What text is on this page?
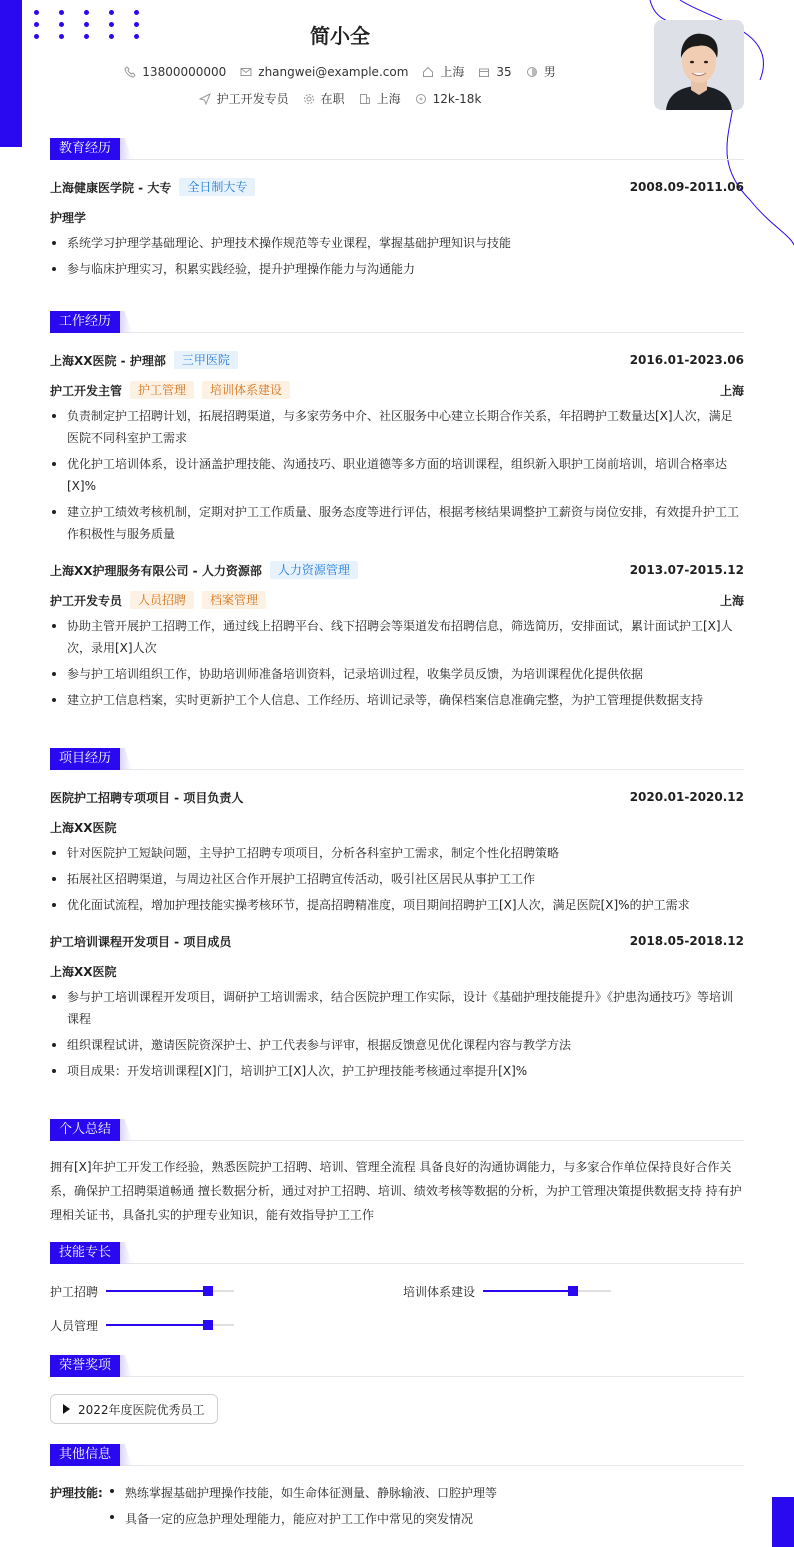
简小全
13800000000	zhangwei@example.com	上海	35	男
护工开发专员	在职	上海	12k-18k
教育经历
上海健康医学院 - 大专	全日制大专	2008.09-2011.06
护理学
系统学习护理学基础理论、护理技术操作规范等专业课程，掌握基础护理知识与技能
参与临床护理实习，积累实践经验，提升护理操作能力与沟通能力
工作经历
上海XX医院 - 护理部	三甲医院	2016.01-2023.06
护工开发主管	护工管理	培训体系建设	上海
负责制定护工招聘计划，拓展招聘渠道，与多家劳务中介、社区服务中心建立长期合作关系，年招聘护工数量达[X]人次，满足医院不同科室护工需求
优化护工培训体系，设计涵盖护理技能、沟通技巧、职业道德等多方面的培训课程，组织新入职护工岗前培训，培训合格率达[X]%
建立护工绩效考核机制，定期对护工工作质量、服务态度等进行评估，根据考核结果调整护工薪资与岗位安排，有效提升护工工作积极性与服务质量
上海XX护理服务有限公司 - 人力资源部	人力资源管理	2013.07-2015.12
护工开发专员	人员招聘	档案管理	上海
协助主管开展护工招聘工作，通过线上招聘平台、线下招聘会等渠道发布招聘信息，筛选简历，安排面试，累计面试护工[X]人次，录用[X]人次
参与护工培训组织工作，协助培训师准备培训资料，记录培训过程，收集学员反馈，为培训课程优化提供依据
建立护工信息档案，实时更新护工个人信息、工作经历、培训记录等，确保档案信息准确完整，为护工管理提供数据支持
项目经历
医院护工招聘专项项目 - 项目负责人	2020.01-2020.12
上海XX医院
针对医院护工短缺问题，主导护工招聘专项项目，分析各科室护工需求，制定个性化招聘策略
拓展社区招聘渠道，与周边社区合作开展护工招聘宣传活动，吸引社区居民从事护工工作
优化面试流程，增加护理技能实操考核环节，提高招聘精准度，项目期间招聘护工[X]人次，满足医院[X]%的护工需求
护工培训课程开发项目 - 项目成员	2018.05-2018.12
上海XX医院
参与护工培训课程开发项目，调研护工培训需求，结合医院护理工作实际，设计《基础护理技能提升》《护患沟通技巧》等培训课程
组织课程试讲，邀请医院资深护士、护工代表参与评审，根据反馈意见优化课程内容与教学方法
项目成果：开发培训课程[X]门，培训护工[X]人次，护工护理技能考核通过率提升[X]%
个人总结
拥有[X]年护工开发工作经验，熟悉医院护工招聘、培训、管理全流程 具备良好的沟通协调能力，与多家合作单位保持良好合作关系，确保护工招聘渠道畅通 擅长数据分析，通过对护工招聘、培训、绩效考核等数据的分析，为护工管理决策提供数据支持 持有护理相关证书，具备扎实的护理专业知识，能有效指导护工工作
技能专长
护工招聘	培训体系建设
人员管理
荣誉奖项
2022年度医院优秀员工
其他信息
护理技能:	熟练掌握基础护理操作技能，如生命体征测量、静脉输液、口腔护理等
具备一定的应急护理处理能力，能应对护工工作中常见的突发情况
